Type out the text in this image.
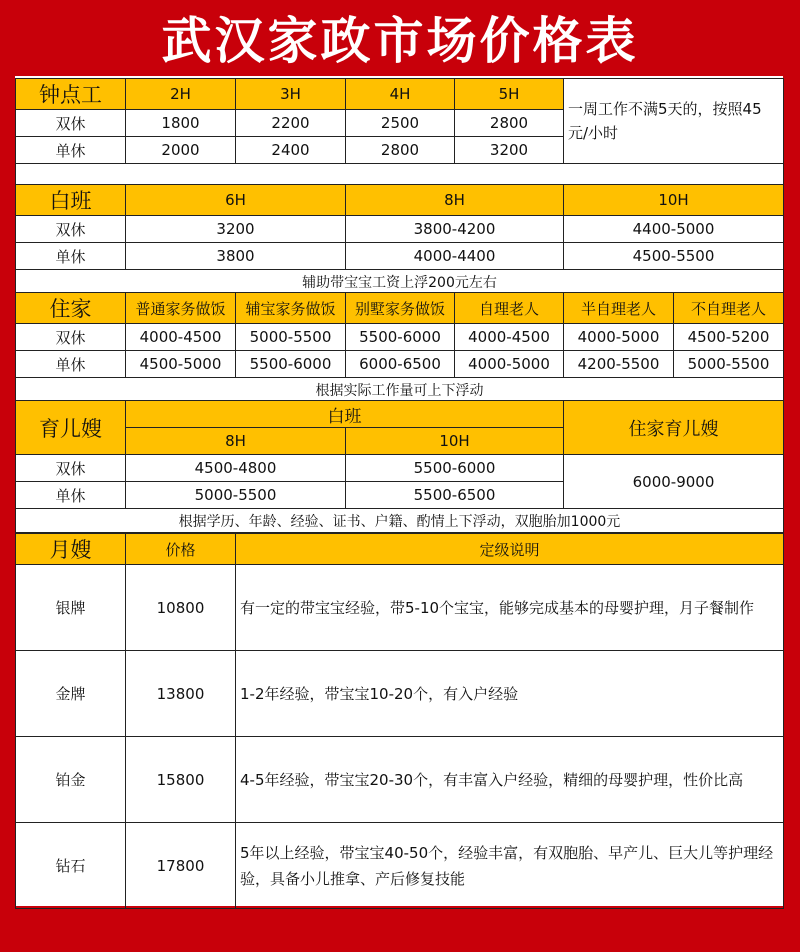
武汉家政市场价格表
钟点工	2H	3H	4H	5H	一周工作不满5天的，按照45元/小时
双休	1800	2200	2500	2800	
单休	2000	2400	2800	3200	

白班	6H	8H	10H
双休	3200	3800-4200	4400-5000
单休	3800	4000-4400	4500-5500
辅助带宝宝工资上浮200元左右			
住家	普通家务做饭	辅宝家务做饭	别墅家务做饭	自理老人	半自理老人	不自理老人
双休	4000-4500	5000-5500	5500-6000	4000-4500	4000-5000	4500-5200
单休	4500-5000	5500-6000	6000-6500	4000-5000	4200-5500	5000-5500
根据实际工作量可上下浮动						
育儿嫂	白班		住家育儿嫂
	8H	10H	
双休	4500-4800	5500-6000	6000-9000
单休	5000-5500	5500-6500	
根据学历、年龄、经验、证书、户籍、酌情上下浮动，双胞胎加1000元			
月嫂	价格	定级说明
银牌	10800	有一定的带宝宝经验，带5-10个宝宝，能够完成基本的母婴护理，月子餐制作
金牌	13800	1-2年经验，带宝宝10-20个，有入户经验
铂金	15800	4-5年经验，带宝宝20-30个，有丰富入户经验，精细的母婴护理，性价比高
钻石	17800	5年以上经验，带宝宝40-50个，经验丰富，有双胞胎、早产儿、巨大儿等护理经验，具备小儿推拿、产后修复技能
